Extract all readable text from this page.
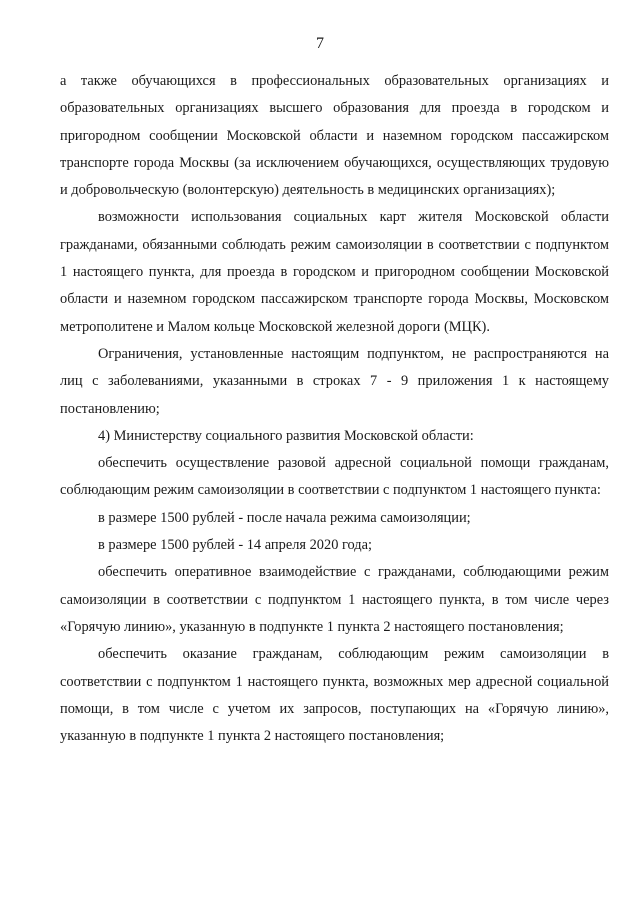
7

а также обучающихся в профессиональных образовательных организациях и образовательных организациях высшего образования для проезда в городском и пригородном сообщении Московской области и наземном городском пассажирском транспорте города Москвы (за исключением обучающихся, осуществляющих трудовую и добровольческую (волонтерскую) деятельность в медицинских организациях);

возможности использования социальных карт жителя Московской области гражданами, обязанными соблюдать режим самоизоляции в соответствии с подпунктом 1 настоящего пункта, для проезда в городском и пригородном сообщении Московской области и наземном городском пассажирском транспорте города Москвы, Московском метрополитене и Малом кольце Московской железной дороги (МЦК).

Ограничения, установленные настоящим подпунктом, не распространяются на лиц с заболеваниями, указанными в строках 7 - 9 приложения 1 к настоящему постановлению;

4) Министерству социального развития Московской области:

обеспечить осуществление разовой адресной социальной помощи гражданам, соблюдающим режим самоизоляции в соответствии с подпунктом 1 настоящего пункта:

в размере 1500 рублей - после начала режима самоизоляции;

в размере 1500 рублей - 14 апреля 2020 года;

обеспечить оперативное взаимодействие с гражданами, соблюдающими режим самоизоляции в соответствии с подпунктом 1 настоящего пункта, в том числе через «Горячую линию», указанную в подпункте 1 пункта 2 настоящего постановления;

обеспечить оказание гражданам, соблюдающим режим самоизоляции в соответствии с подпунктом 1 настоящего пункта, возможных мер адресной социальной помощи, в том числе с учетом их запросов, поступающих на «Горячую линию», указанную в подпункте 1 пункта 2 настоящего постановления;
